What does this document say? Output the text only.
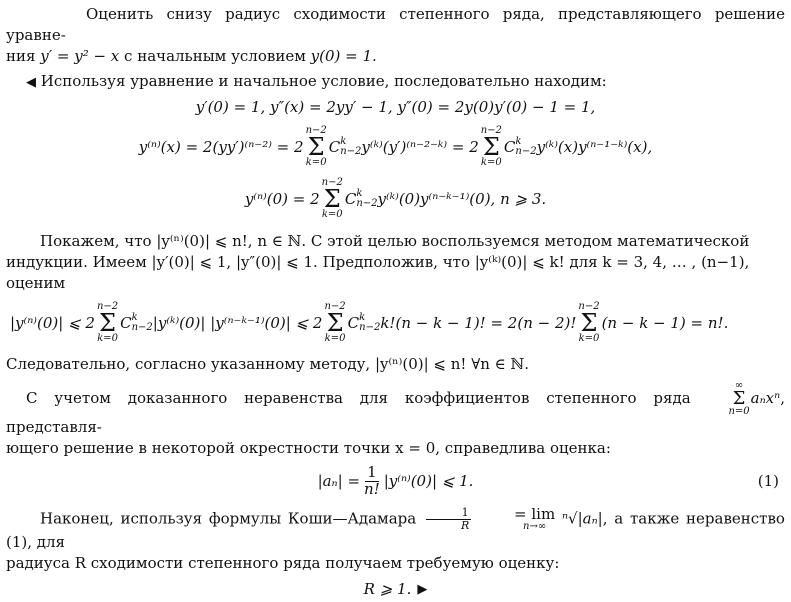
Оценить снизу радиус сходимости степенного ряда, представляющего решение уравне-
ния y′ = y² − x с начальным условием y(0) = 1.

◀ Используя уравнение и начальное условие, последовательно находим:

y′(0) = 1, y″(x) = 2yy′ − 1, y″(0) = 2y(0)y′(0) − 1 = 1,
y⁽ⁿ⁾(x) = 2(yy′)⁽ⁿ⁻²⁾ = 2
n−2
Σ
k=0
C k
n−2 y⁽ᵏ⁾(y′)⁽ⁿ⁻²⁻ᵏ⁾ = 2
n−2
Σ
k=0
C k
n−2 y⁽ᵏ⁾(x)y⁽ⁿ⁻¹⁻ᵏ⁾(x),
y⁽ⁿ⁾(0) = 2
n−2
Σ
k=0
C k
n−2 y⁽ᵏ⁾(0)y⁽ⁿ⁻ᵏ⁻¹⁾(0), n ⩾ 3.

Покажем, что |y⁽ⁿ⁾(0)| ⩽ n!, n ∈ ℕ. С этой целью воспользуемся методом математической
индукции. Имеем |y′(0)| ⩽ 1, |y″(0)| ⩽ 1. Предположив, что |y⁽ᵏ⁾(0)| ⩽ k! для k = 3, 4, … , (n−1),
оценим

|y⁽ⁿ⁾(0)| ⩽ 2
n−2
Σ
k=0
C k
n−2 |y⁽ᵏ⁾(0)| |y⁽ⁿ⁻ᵏ⁻¹⁾(0)| ⩽ 2
n−2
Σ
k=0
C k
n−2 k!(n − k − 1)! = 2(n − 2)!
n−2
Σ
k=0
(n − k − 1) = n!.

Следовательно, согласно указанному методу, |y⁽ⁿ⁾(0)| ⩽ n! ∀n ∈ ℕ.

С учетом доказанного неравенства для коэффициентов степенного ряда
∞
Σ
n=0
aₙxⁿ, представля-
ющего решение в некоторой окрестности точки x = 0, справедлива оценка:

$|a_n| = \frac{1}{n!} |y^{(n)}(0)|$ ⩽ 1.	(1)

Наконец, используя формулы Коши—Адамара $\frac{1}{R}$
	= lim
n→∞ ⁿ√|aₙ|, а также неравенство (1), для
радиуса R сходимости степенного ряда получаем требуемую оценку:

R ⩾ 1. ▶
